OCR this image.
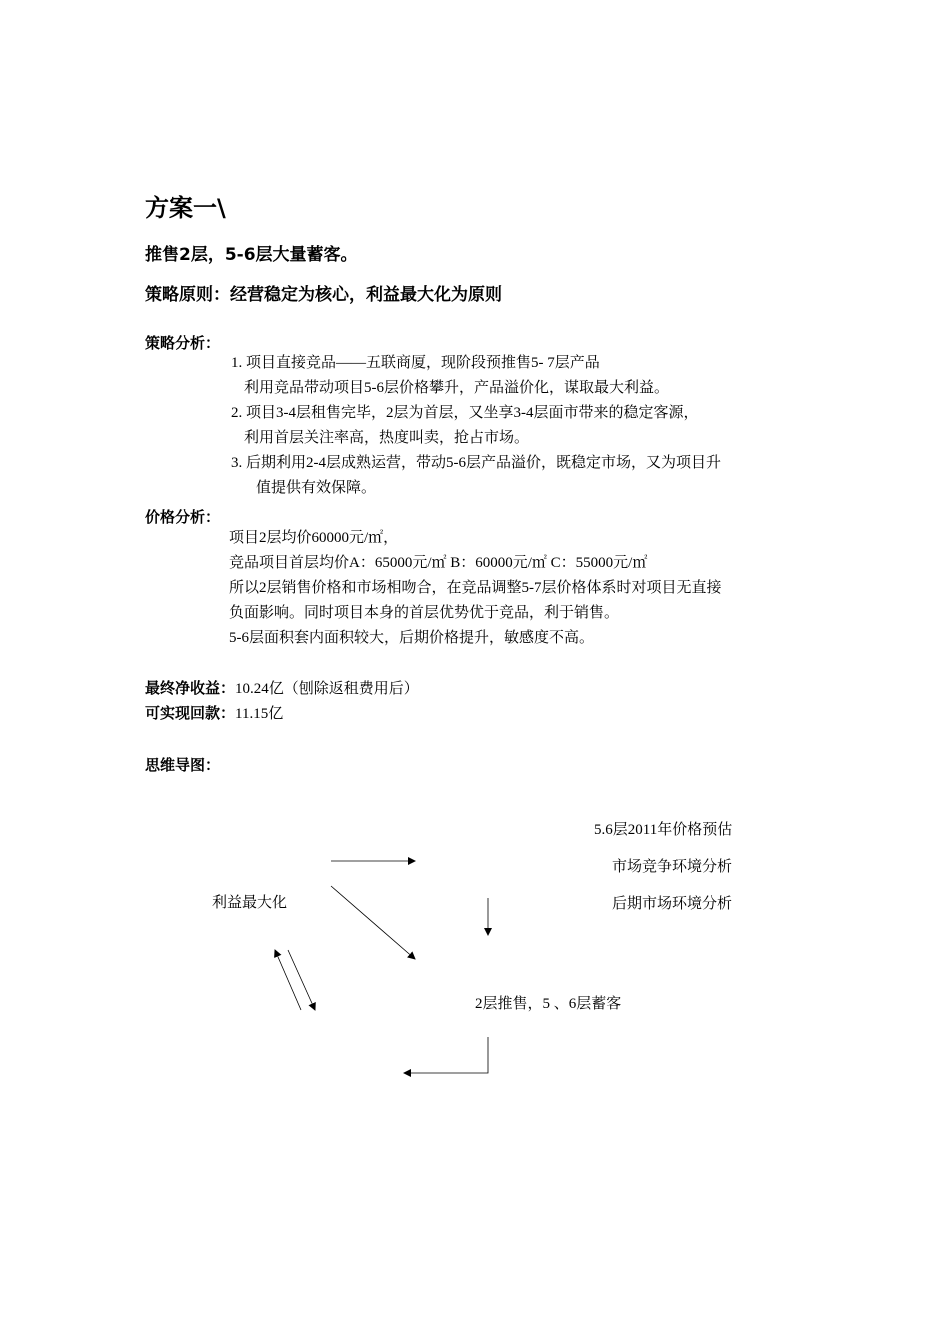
方案一\
推售2层，5-6层大量蓄客。
策略原则：经营稳定为核心，利益最大化为原则
策略分析：
1. 项目直接竞品——五联商厦，现阶段预推售5- 7层产品
利用竞品带动项目5-6层价格攀升，产品溢价化，谋取最大利益。
2. 项目3-4层租售完毕，2层为首层，又坐享3-4层面市带来的稳定客源，
利用首层关注率高，热度叫卖，抢占市场。
3. 后期利用2-4层成熟运营，带动5-6层产品溢价，既稳定市场，又为项目升
值提供有效保障。
价格分析：
项目2层均价60000元/㎡，
竞品项目首层均价A：65000元/㎡ B：60000元/㎡ C：55000元/㎡
所以2层销售价格和市场相吻合，在竞品调整5-7层价格体系时对项目无直接
负面影响。同时项目本身的首层优势优于竞品，利于销售。
5-6层面积套内面积较大，后期价格提升，敏感度不高。
最终净收益：10.24亿（刨除返租费用后）
可实现回款：11.15亿
思维导图：
利益最大化
5.6层2011年价格预估
市场竞争环境分析
后期市场环境分析
2层推售，5 、6层蓄客
